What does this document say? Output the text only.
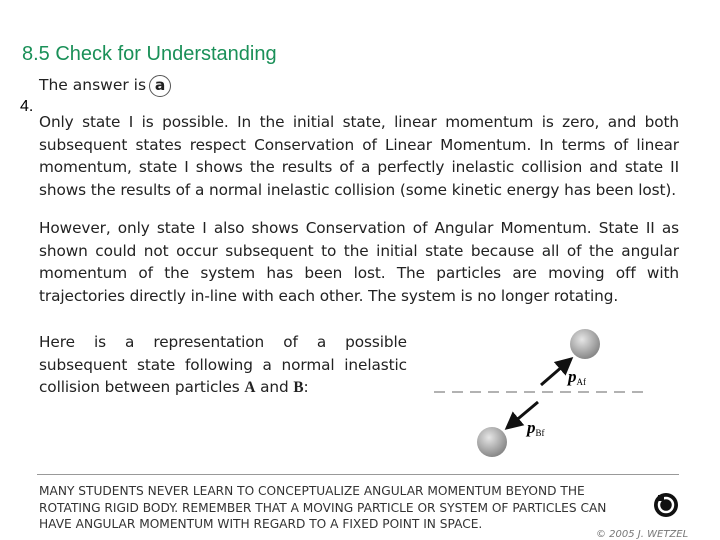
8.5 Check for Understanding
The answer is a
4.
Only state I is possible. In the initial state, linear momentum is zero, and both subsequent states respect Conservation of Linear Momentum. In terms of linear momentum, state I shows the results of a perfectly inelastic collision and state II shows the results of a normal inelastic collision (some kinetic energy has been lost).
However, only state I also shows Conservation of Angular Momentum. State II as shown could not occur subsequent to the initial state because all of the angular momentum of the system has been lost. The particles are moving off with trajectories directly in-line with each other. The system is no longer rotating.
Here is a representation of a possible subsequent state following a normal inelastic collision between particles A and B:
pAf
pBf
MANY STUDENTS NEVER LEARN TO CONCEPTUALIZE ANGULAR MOMENTUM BEYOND THE ROTATING RIGID BODY. REMEMBER THAT A MOVING PARTICLE OR SYSTEM OF PARTICLES CAN HAVE ANGULAR MOMENTUM WITH REGARD TO A FIXED POINT IN SPACE.
© 2005 J. WETZEL
